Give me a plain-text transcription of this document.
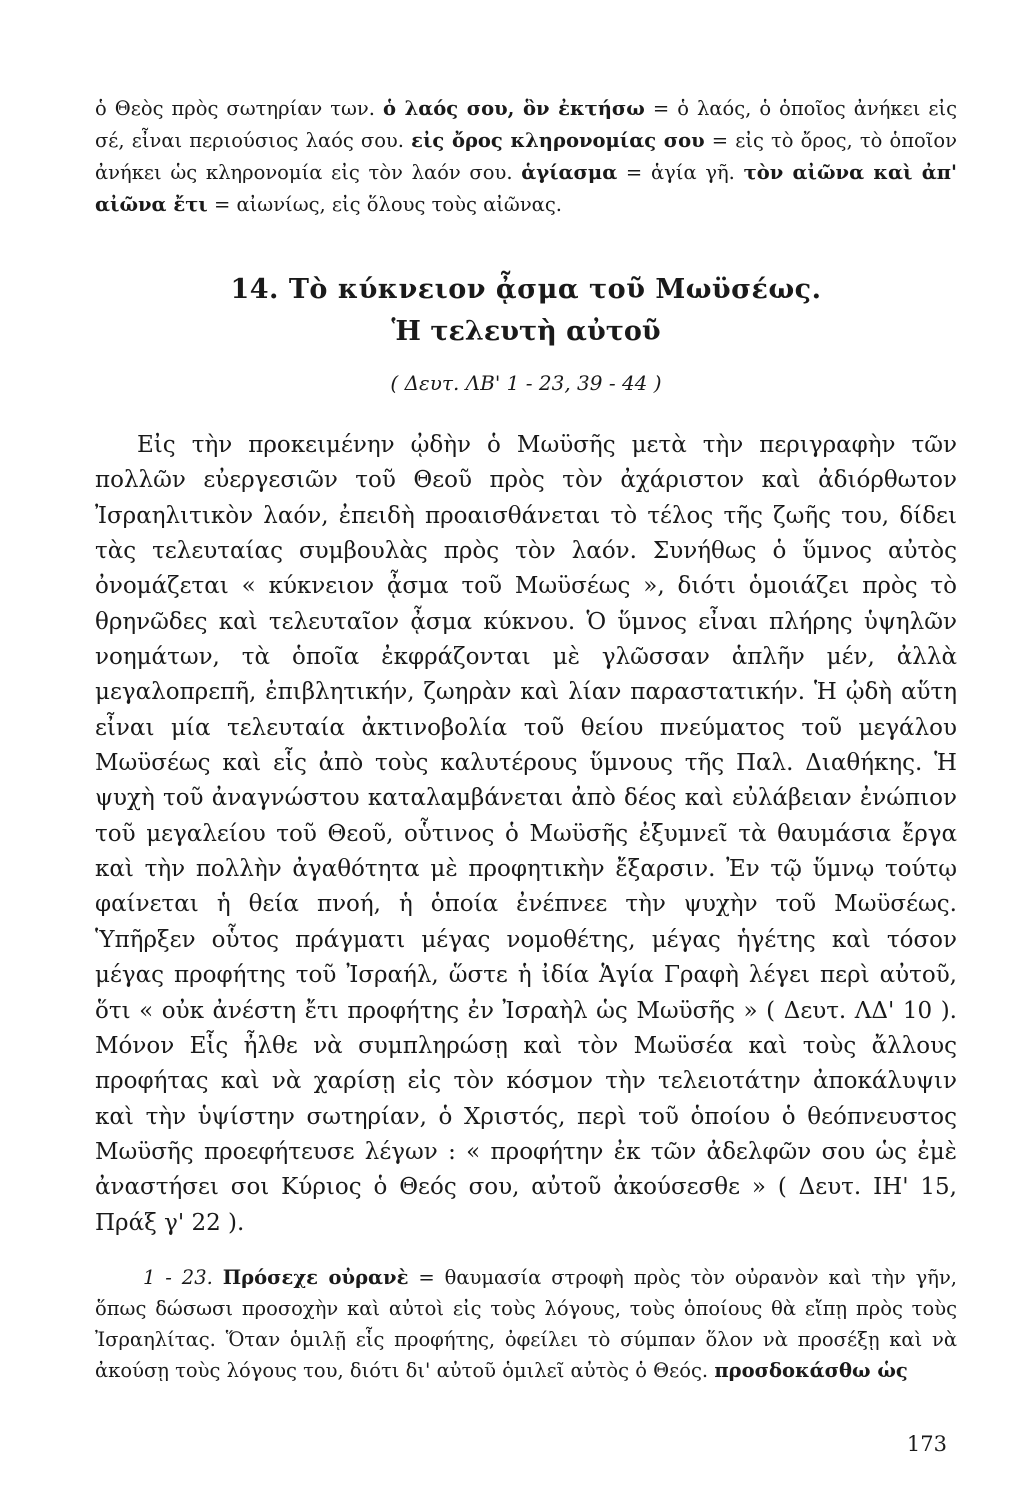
ὁ Θεὸς πρὸς σωτηρίαν των. ὁ λαός σου, ὃν ἐκτήσω = ὁ λαός, ὁ ὁποῖος ἀνήκει εἰς σέ, εἶναι περιούσιος λαός σου. εἰς ὄρος κληρονομίας σου = εἰς τὸ ὄρος, τὸ ὁποῖον ἀνήκει ὡς κληρονομία εἰς τὸν λαόν σου. ἁγίασμα = ἁγία γῆ. τὸν αἰῶνα καὶ ἀπ' αἰῶνα ἔτι = αἰωνίως, εἰς ὅλους τοὺς αἰῶνας.

14. Τὸ κύκνειον ᾆσμα τοῦ Μωϋσέως.
Ἡ τελευτὴ αὐτοῦ
( Δευτ. ΛΒ' 1 - 23, 39 - 44 )

Εἰς τὴν προκειμένην ᾠδὴν ὁ Μωϋσῆς μετὰ τὴν περιγραφὴν τῶν πολλῶν εὐεργεσιῶν τοῦ Θεοῦ πρὸς τὸν ἀχάριστον καὶ ἀδιόρθωτον Ἰσραηλιτικὸν λαόν, ἐπειδὴ προαισθάνεται τὸ τέλος τῆς ζωῆς του, δίδει τὰς τελευταίας συμβουλὰς πρὸς τὸν λαόν. Συνήθως ὁ ὕμνος αὐτὸς ὀνομάζεται « κύκνειον ᾆσμα τοῦ Μωϋσέως », διότι ὁμοιάζει πρὸς τὸ θρηνῶδες καὶ τελευταῖον ᾆσμα κύκνου. Ὁ ὕμνος εἶναι πλήρης ὑψηλῶν νοημάτων, τὰ ὁποῖα ἐκφράζονται μὲ γλῶσσαν ἁπλῆν μέν, ἀλλὰ μεγαλοπρεπῆ, ἐπιβλητικήν, ζωηρὰν καὶ λίαν παραστατικήν. Ἡ ᾠδὴ αὕτη εἶναι μία τελευταία ἀκτινοβολία τοῦ θείου πνεύματος τοῦ μεγάλου Μωϋσέως καὶ εἷς ἀπὸ τοὺς καλυτέρους ὕμνους τῆς Παλ. Διαθήκης. Ἡ ψυχὴ τοῦ ἀναγνώστου καταλαμβάνεται ἀπὸ δέος καὶ εὐλάβειαν ἐνώπιον τοῦ μεγαλείου τοῦ Θεοῦ, οὗτινος ὁ Μωϋσῆς ἐξυμνεῖ τὰ θαυμάσια ἔργα καὶ τὴν πολλὴν ἀγαθότητα μὲ προφητικὴν ἔξαρσιν. Ἐν τῷ ὕμνῳ τούτῳ φαίνεται ἡ θεία πνοή, ἡ ὁποία ἐνέπνεε τὴν ψυχὴν τοῦ Μωϋσέως. Ὑπῆρξεν οὗτος πράγματι μέγας νομοθέτης, μέγας ἡγέτης καὶ τόσον μέγας προφήτης τοῦ Ἰσραήλ, ὥστε ἡ ἰδία Ἁγία Γραφὴ λέγει περὶ αὐτοῦ, ὅτι « οὐκ ἀνέστη ἔτι προφήτης ἐν Ἰσραὴλ ὡς Μωϋσῆς » ( Δευτ. ΛΔ' 10 ). Μόνον Εἷς ἦλθε νὰ συμπληρώσῃ καὶ τὸν Μωϋσέα καὶ τοὺς ἄλλους προφήτας καὶ νὰ χαρίσῃ εἰς τὸν κόσμον τὴν τελειοτάτην ἀποκάλυψιν καὶ τὴν ὑψίστην σωτηρίαν, ὁ Χριστός, περὶ τοῦ ὁποίου ὁ θεόπνευστος Μωϋσῆς προεφήτευσε λέγων : « προφήτην ἐκ τῶν ἀδελφῶν σου ὡς ἐμὲ ἀναστήσει σοι Κύριος ὁ Θεός σου, αὐτοῦ ἀκούσεσθε » ( Δευτ. ΙΗ' 15, Πράξ γ' 22 ).

1 - 23. Πρόσεχε οὐρανὲ = θαυμασία στροφὴ πρὸς τὸν οὐρανὸν καὶ τὴν γῆν, ὅπως δώσωσι προσοχὴν καὶ αὐτοὶ εἰς τοὺς λόγους, τοὺς ὁποίους θὰ εἴπῃ πρὸς τοὺς Ἰσραηλίτας. Ὅταν ὁμιλῇ εἷς προφήτης, ὀφείλει τὸ σύμπαν ὅλον νὰ προσέξῃ καὶ νὰ ἀκούσῃ τοὺς λόγους του, διότι δι' αὐτοῦ ὁμιλεῖ αὐτὸς ὁ Θεός. προσδοκάσθω ὡς

173
